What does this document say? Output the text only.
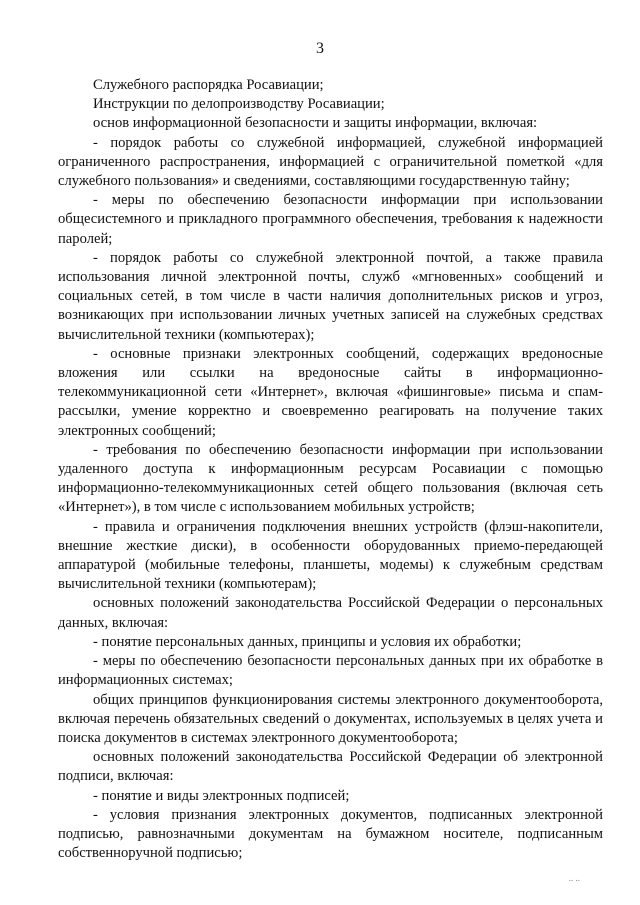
3

Служебного распорядка Росавиации;

Инструкции по делопроизводству Росавиации;

основ информационной безопасности и защиты информации, включая:

- порядок работы со служебной информацией, служебной информацией ограниченного распространения, информацией с ограничительной пометкой «для служебного пользования» и сведениями, составляющими государственную тайну;

- меры по обеспечению безопасности информации при использовании общесистемного и прикладного программного обеспечения, требования к надежности паролей;

- порядок работы со служебной электронной почтой, а также правила использования личной электронной почты, служб «мгновенных» сообщений и социальных сетей, в том числе в части наличия дополнительных рисков и угроз, возникающих при использовании личных учетных записей на служебных средствах вычислительной техники (компьютерах);

- основные признаки электронных сообщений, содержащих вредоносные вложения или ссылки на вредоносные сайты в информационно-телекоммуникационной сети «Интернет», включая «фишинговые» письма и спам-рассылки, умение корректно и своевременно реагировать на получение таких электронных сообщений;

- требования по обеспечению безопасности информации при использовании удаленного доступа к информационным ресурсам Росавиации с помощью информационно-телекоммуникационных сетей общего пользования (включая сеть «Интернет»), в том числе с использованием мобильных устройств;

- правила и ограничения подключения внешних устройств (флэш-накопители, внешние жесткие диски), в особенности оборудованных приемо-передающей аппаратурой (мобильные телефоны, планшеты, модемы) к служебным средствам вычислительной техники (компьютерам);

основных положений законодательства Российской Федерации о персональных данных, включая:

- понятие персональных данных, принципы и условия их обработки;

- меры по обеспечению безопасности персональных данных при их обработке в информационных системах;

общих принципов функционирования системы электронного документооборота, включая перечень обязательных сведений о документах, используемых в целях учета и поиска документов в системах электронного документооборота;

основных положений законодательства Российской Федерации об электронной подписи, включая:

- понятие и виды электронных подписей;

- условия признания электронных документов, подписанных электронной подписью, равнозначными документам на бумажном носителе, подписанным собственноручной подписью;

.. ..
